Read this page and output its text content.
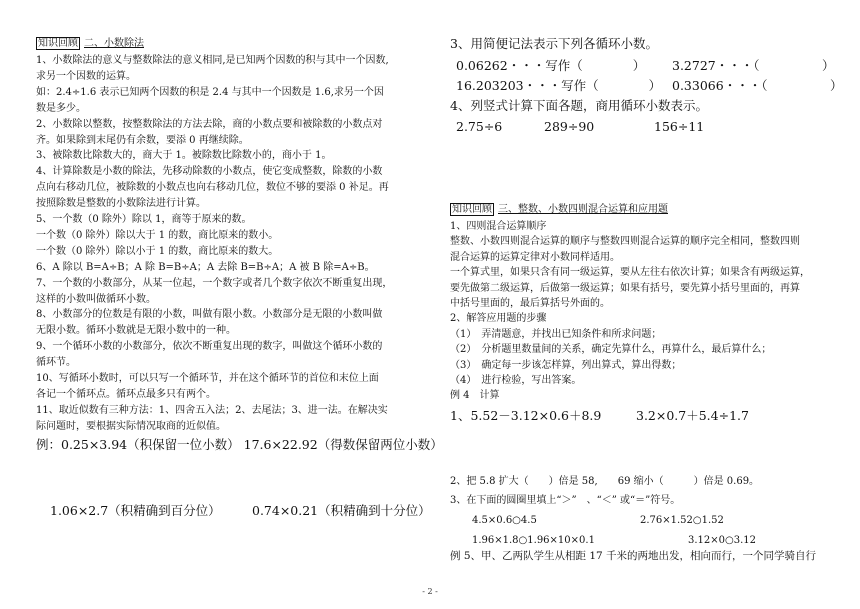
知识回顾 二、小数除法
1、小数除法的意义与整数除法的意义相同,是已知两个因数的积与其中一个因数,
求另一个因数的运算。
如：2.4÷1.6 表示已知两个因数的积是 2.4 与其中一个因数是 1.6,求另一个因
数是多少。
2、小数除以整数，按整数除法的方法去除，商的小数点要和被除数的小数点对
齐。如果除到末尾仍有余数，要添 0 再继续除。
3、被除数比除数大的，商大于 1。被除数比除数小的，商小于 1。
4、计算除数是小数的除法，先移动除数的小数点，使它变成整数，除数的小数
点向右移动几位，被除数的小数点也向右移动几位，数位不够的要添 0 补足。再
按照除数是整数的小数除法进行计算。
5、一个数（0 除外）除以 1，商等于原来的数。
一个数（0 除外）除以大于 1 的数，商比原来的数小。
一个数（0 除外）除以小于 1 的数，商比原来的数大。
6、A 除以 B=A÷B；A 除 B=B÷A；A 去除 B=B÷A；A 被 B 除=A÷B。
7、一个数的小数部分，从某一位起，一个数字或者几个数字依次不断重复出现，
这样的小数叫做循环小数。
8、小数部分的位数是有限的小数，叫做有限小数。小数部分是无限的小数叫做
无限小数。循环小数就是无限小数中的一种。
9、一个循环小数的小数部分，依次不断重复出现的数字，叫做这个循环小数的
循环节。
10、写循环小数时，可以只写一个循环节，并在这个循环节的首位和末位上面
各记一个循环点。循环点最多只有两个。
11、取近似数有三种方法：1、四舍五入法；2、去尾法；3、进一法。在解决实
际问题时，要根据实际情况取商的近似值。
例：0.25×3.94（积保留一位小数） 17.6×22.92（得数保留两位小数）
1.06×2.7（积精确到百分位）	0.74×0.21（积精确到十分位）
3、用简便记法表示下列各循环小数。
0.06262・・・写作（　　　　） 3.2727・・・（　　　　　）
16.203203・・・写作（　　　　） 0.33066・・・（　　　　　）
4、列竖式计算下面各题，商用循环小数表示。
2.75÷6	289÷90	156÷11
知识回顾 三、整数、小数四则混合运算和应用题
1、四则混合运算顺序
整数、小数四则混合运算的顺序与整数四则混合运算的顺序完全相同，整数四则
混合运算的运算定律对小数同样适用。
一个算式里，如果只含有同一级运算，要从左往右依次计算；如果含有两级运算，
要先做第二级运算，后做第一级运算；如果有括号，要先算小括号里面的，再算
中括号里面的，最后算括号外面的。
2、解答应用题的步骤
（1）　弄清题意，并找出已知条件和所求问题；
（2）　分析题里数量间的关系，确定先算什么，再算什么，最后算什么；
（3）　确定每一步该怎样算，列出算式，算出得数；
（4）　进行检验，写出答案。
例 4　计算
1、5.52－3.12×0.6＋8.9	3.2×0.7＋5.4÷1.7
2、把 5.8 扩大（　　）倍是 58,　　69 缩小（　　　）倍是 0.69。
3、在下面的圆圈里填上“＞”　、“＜” 或“＝”符号。
4.5×0.6○4.5	2.76×1.52○1.52
1.96×1.8○1.96×10×0.1	3.12×0○3.12
例 5、甲、乙两队学生从相距 17 千米的两地出发，相向而行，一个同学骑自行
- 2 -
